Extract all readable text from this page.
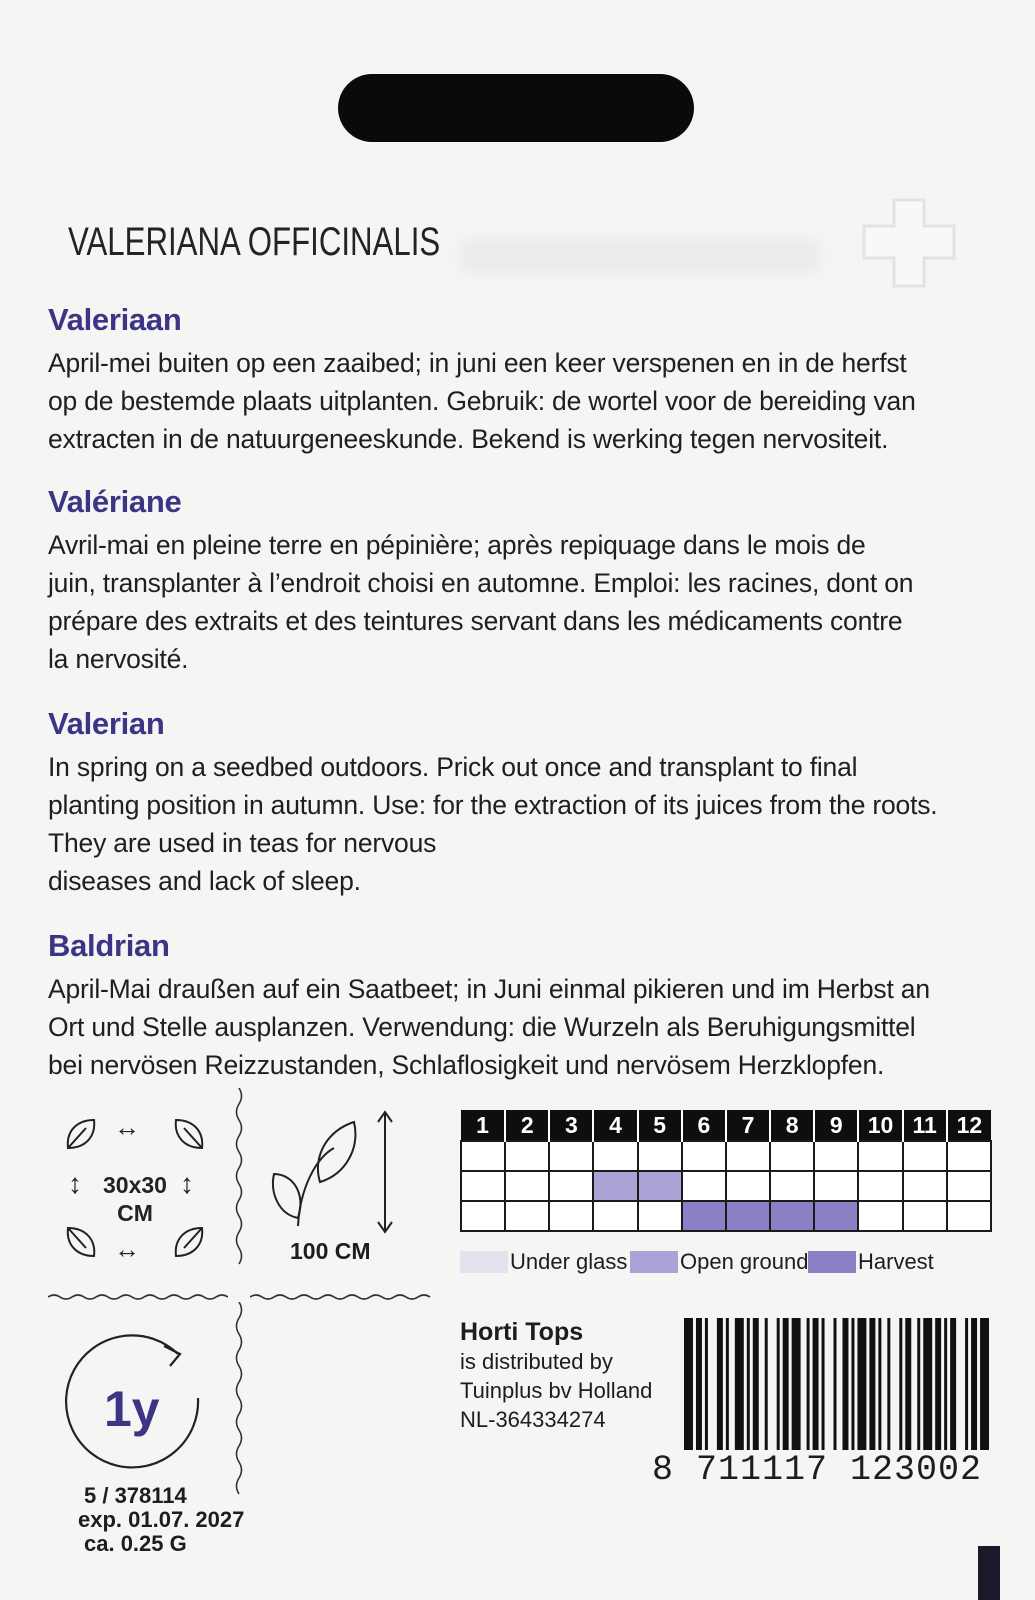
VALERIANA OFFICINALIS
Valeriaan
April-mei buiten op een zaaibed; in juni een keer verspenen en in de herfst
op de bestemde plaats uitplanten. Gebruik: de wortel voor de bereiding van
extracten in de natuurgeneeskunde. Bekend is werking tegen nervositeit.
Valériane
Avril-mai en pleine terre en pépinière; après repiquage dans le mois de
juin, transplanter à l’endroit choisi en automne. Emploi: les racines, dont on
prépare des extraits et des teintures servant dans les médicaments contre
la nervosité.
Valerian
In spring on a seedbed outdoors. Prick out once and transplant to final
planting position in autumn. Use: for the extraction of its juices from the roots.
They are used in teas for nervous
diseases and lack of sleep.
Baldrian
April-Mai draußen auf ein Saatbeet; in Juni einmal pikieren und im Herbst an
Ort und Stelle ausplanzen. Verwendung: die Wurzeln als Beruhigungsmittel
bei nervösen Reizzustanden, Schlaflosigkeit und nervösem Herzklopfen.
↔
↔
↕	↕
30x30
CM
100 CM
1	2	3	4	5	6	7	8	9	10	11	12

Under glass Open ground Harvest
Horti Tops
is distributed by
Tuinplus bv Holland
NL-364334274
8 711117 123002
1y
5 / 378114
exp. 01.07. 2027
ca. 0.25 G
